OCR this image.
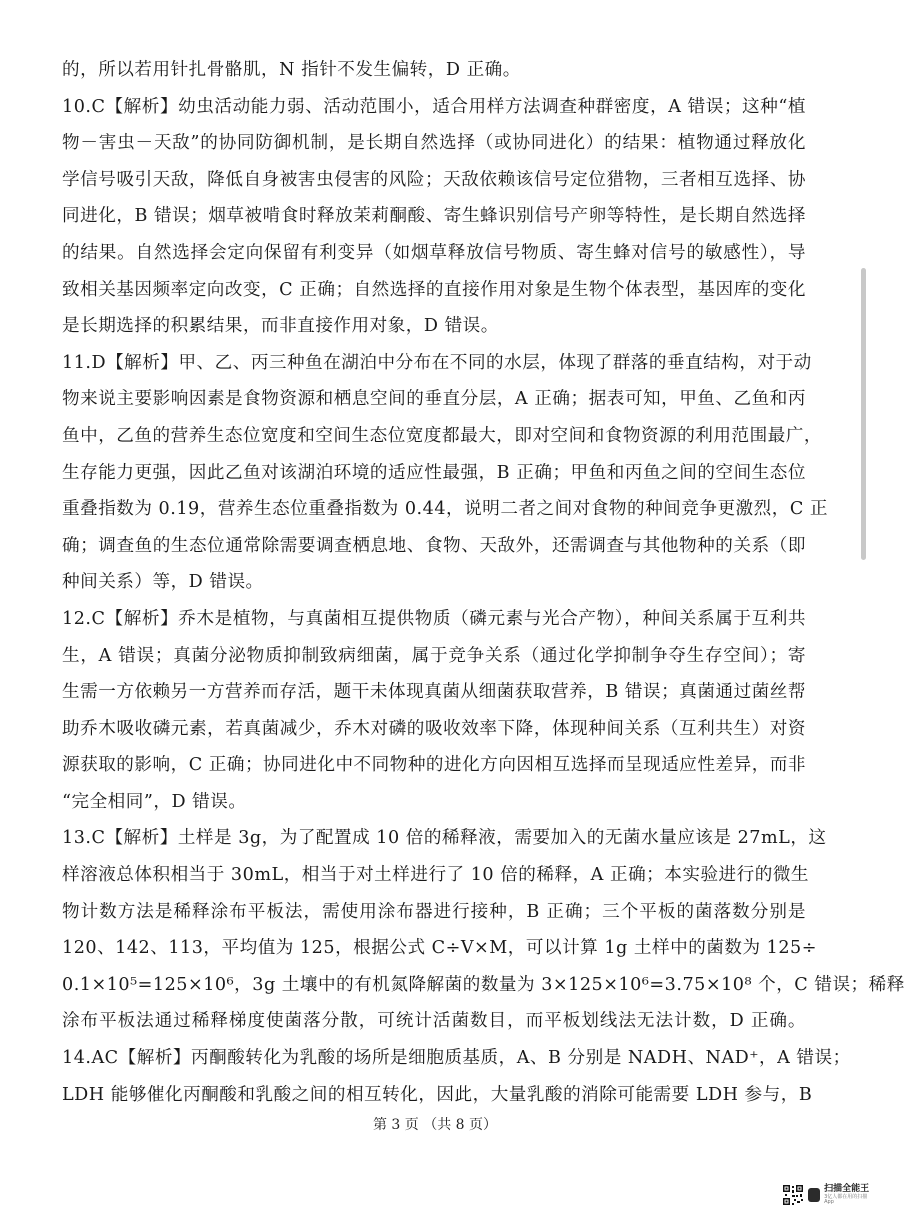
的，所以若用针扎骨骼肌，N 指针不发生偏转，D 正确。
10.C【解析】幼虫活动能力弱、活动范围小，适合用样方法调查种群密度，A 错误；这种“植
物－害虫－天敌”的协同防御机制，是长期自然选择（或协同进化）的结果：植物通过释放化
学信号吸引天敌，降低自身被害虫侵害的风险；天敌依赖该信号定位猎物，三者相互选择、协
同进化，B 错误；烟草被啃食时释放茉莉酮酸、寄生蜂识别信号产卵等特性，是长期自然选择
的结果。自然选择会定向保留有利变异（如烟草释放信号物质、寄生蜂对信号的敏感性），导
致相关基因频率定向改变，C 正确；自然选择的直接作用对象是生物个体表型，基因库的变化
是长期选择的积累结果，而非直接作用对象，D 错误。
11.D【解析】甲、乙、丙三种鱼在湖泊中分布在不同的水层，体现了群落的垂直结构，对于动
物来说主要影响因素是食物资源和栖息空间的垂直分层，A 正确；据表可知，甲鱼、乙鱼和丙
鱼中，乙鱼的营养生态位宽度和空间生态位宽度都最大，即对空间和食物资源的利用范围最广，
生存能力更强，因此乙鱼对该湖泊环境的适应性最强，B 正确；甲鱼和丙鱼之间的空间生态位
重叠指数为 0.19，营养生态位重叠指数为 0.44，说明二者之间对食物的种间竞争更激烈，C 正
确；调查鱼的生态位通常除需要调查栖息地、食物、天敌外，还需调查与其他物种的关系（即
种间关系）等，D 错误。
12.C【解析】乔木是植物，与真菌相互提供物质（磷元素与光合产物），种间关系属于互利共
生，A 错误；真菌分泌物质抑制致病细菌，属于竞争关系（通过化学抑制争夺生存空间）；寄
生需一方依赖另一方营养而存活，题干未体现真菌从细菌获取营养，B 错误；真菌通过菌丝帮
助乔木吸收磷元素，若真菌减少，乔木对磷的吸收效率下降，体现种间关系（互利共生）对资
源获取的影响，C 正确；协同进化中不同物种的进化方向因相互选择而呈现适应性差异，而非
“完全相同”，D 错误。
13.C【解析】土样是 3g，为了配置成 10 倍的稀释液，需要加入的无菌水量应该是 27mL，这
样溶液总体积相当于 30mL，相当于对土样进行了 10 倍的稀释，A 正确；本实验进行的微生
物计数方法是稀释涂布平板法，需使用涂布器进行接种，B 正确；三个平板的菌落数分别是
120、142、113，平均值为 125，根据公式 C÷V×M，可以计算 1g 土样中的菌数为 125÷
0.1×10⁵=125×10⁶，3g 土壤中的有机氮降解菌的数量为 3×125×10⁶=3.75×10⁸ 个，C 错误；稀释
涂布平板法通过稀释梯度使菌落分散，可统计活菌数目，而平板划线法无法计数，D 正确。
14.AC【解析】丙酮酸转化为乳酸的场所是细胞质基质，A、B 分别是 NADH、NAD⁺，A 错误；
LDH 能够催化丙酮酸和乳酸之间的相互转化，因此，大量乳酸的消除可能需要 LDH 参与，B
第 3 页 （共 8 页）
扫描全能王
3亿人都在用的扫描App
